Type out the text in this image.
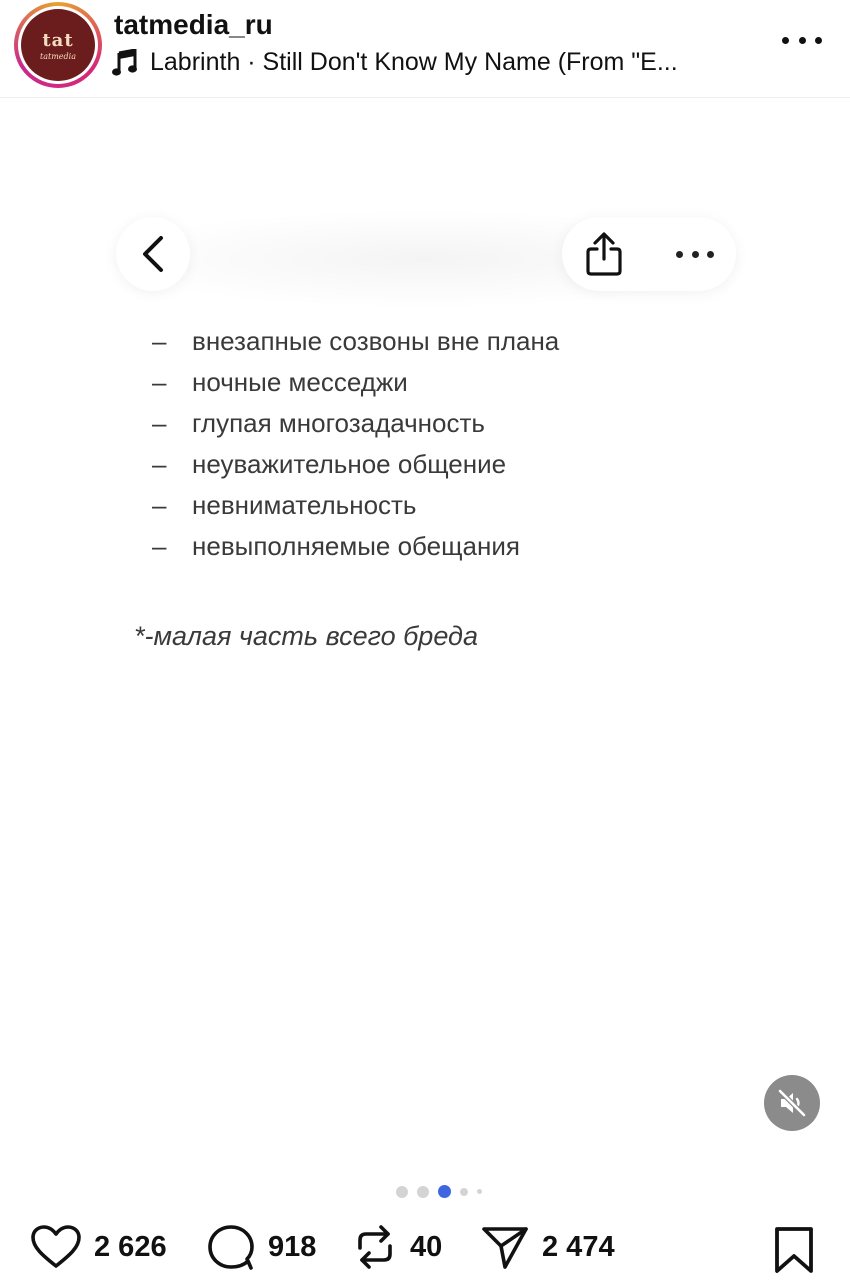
tat
tatmedia
tatmedia_ru
Labrinth · Still Don't Know My Name (From "E...
– внезапные созвоны вне плана
– ночные месседжи
– глупая многозадачность
– неуважительное общение
– невнимательность
– невыполняемые обещания
*-малая часть всего бреда
2 626	918	40	2 474
